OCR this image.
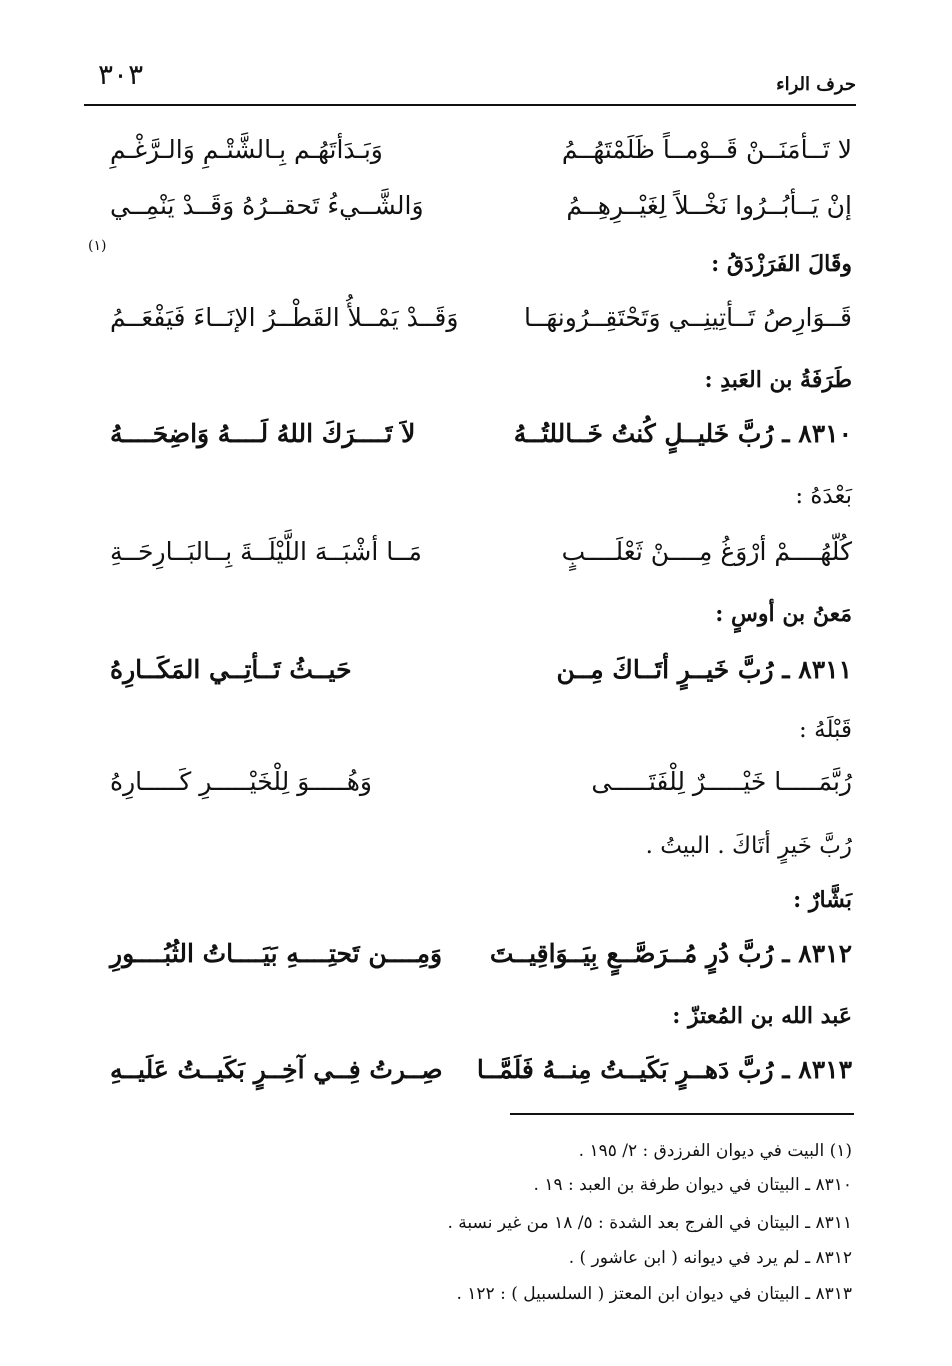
حرف الراء
٣٠٣
لا تَــأمَنَــنْ قَــوْمــاً ظَلَمْتَهُــمُ
وَبَـدَأتَهُـم بِـالشَّتْـمِ وَالـرَّغْـمِ
إنْ يَــأبُــرُوا نَخْــلاً لِغَيْــرِهِــمُ
وَالشَّــيءُ تَحقــرُهُ وَقَــدْ يَنْمِــي
وقَالَ الفَرَزْدَقُ :
(١)
قَــوَارِصُ تَــأتِينِــي وَتَحْتَقِــرُونهَــا
وَقَــدْ يَمْــلأُ القَطْــرُ الإنَــاءَ فَيَفْعَــمُ
طَرَفَةُ بن العَبدِ :
٨٣١٠ ـ رُبَّ خَليــلٍ كُنتُ خَــاللتُــهُ
لاَ تَــــرَكَ اللهُ لَــــهُ وَاضِحَــــهُ
بَعْدَهُ :
كُلّهُــــمْ أرْوَغُ مِــــنْ ثَعْلَــــبٍ
مَــا أشْبَــهَ اللَّيْلَــةَ بِــالبَــارِحَــةِ
مَعنُ بن أوسٍ :
٨٣١١ ـ رُبَّ خَيــرٍ أتَــاكَ مِــن
حَيــثُ تَــأتِــي المَكَــارِهُ
قَبْلَهُ :
رُبَّمَـــــا خَيْـــــرٌ لِلْفَتَـــــى
وَهُـــــوَ لِلْخَيْـــــرِ كَـــــارِهُ
رُبَّ خَيرٍ أتَاكَ . البيتُ .
بَشَّارٌ :
٨٣١٢ ـ رُبَّ دُرٍ مُــرَصَّــعٍ بِيَــوَاقِيــتَ
وَمِــــن تَحتِــــهِ بَيَــــاتُ الثُبُــــورِ
عَبد الله بن المُعتزّ :
٨٣١٣ ـ رُبَّ دَهــرٍ بَكَيــتُ مِنــهُ فَلَمَّــا
صِــرتُ فِــي آخِــرٍ بَكَيــتُ عَلَيــهِ
(١) البيت في ديوان الفرزدق : ٢/ ١٩٥ .
٨٣١٠ ـ البيتان في ديوان طرفة بن العبد : ١٩ .
٨٣١١ ـ البيتان في الفرج بعد الشدة : ٥/ ١٨ من غير نسبة .
٨٣١٢ ـ لم يرد في ديوانه ( ابن عاشور ) .
٨٣١٣ ـ البيتان في ديوان ابن المعتز ( السلسبيل ) : ١٢٢ .
